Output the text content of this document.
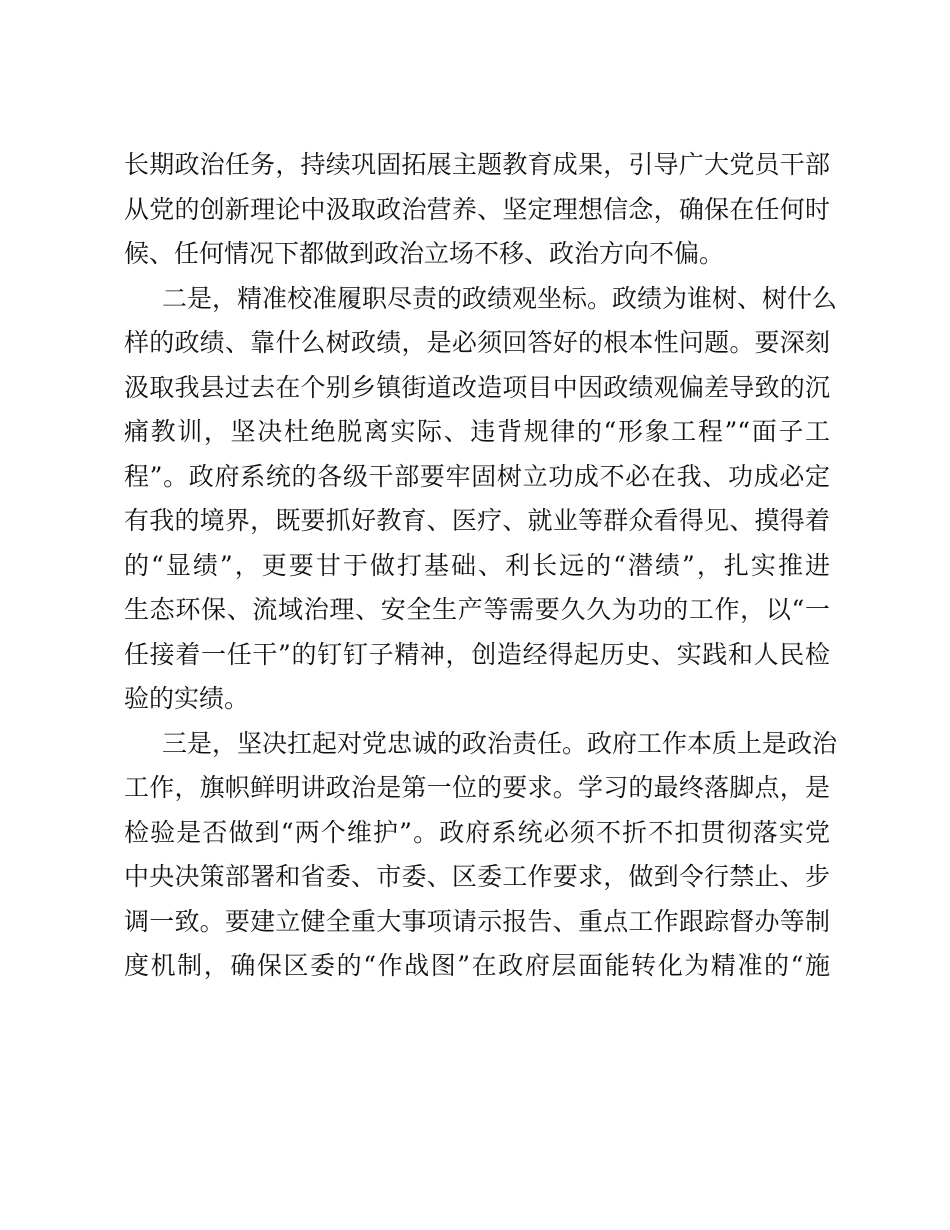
长期政治任务，持续巩固拓展主题教育成果，引导广大党员干部
从党的创新理论中汲取政治营养、坚定理想信念，确保在任何时
候、任何情况下都做到政治立场不移、政治方向不偏。
二是，精准校准履职尽责的政绩观坐标。政绩为谁树、树什么
样的政绩、靠什么树政绩，是必须回答好的根本性问题。要深刻
汲取我县过去在个别乡镇街道改造项目中因政绩观偏差导致的沉
痛教训，坚决杜绝脱离实际、违背规律的“形象工程”“面子工
程”。政府系统的各级干部要牢固树立功成不必在我、功成必定
有我的境界，既要抓好教育、医疗、就业等群众看得见、摸得着
的“显绩”，更要甘于做打基础、利长远的“潜绩”，扎实推进
生态环保、流域治理、安全生产等需要久久为功的工作，以“一
任接着一任干”的钉钉子精神，创造经得起历史、实践和人民检
验的实绩。
三是，坚决扛起对党忠诚的政治责任。政府工作本质上是政治
工作，旗帜鲜明讲政治是第一位的要求。学习的最终落脚点，是
检验是否做到“两个维护”。政府系统必须不折不扣贯彻落实党
中央决策部署和省委、市委、区委工作要求，做到令行禁止、步
调一致。要建立健全重大事项请示报告、重点工作跟踪督办等制
度机制，确保区委的“作战图”在政府层面能转化为精准的“施
